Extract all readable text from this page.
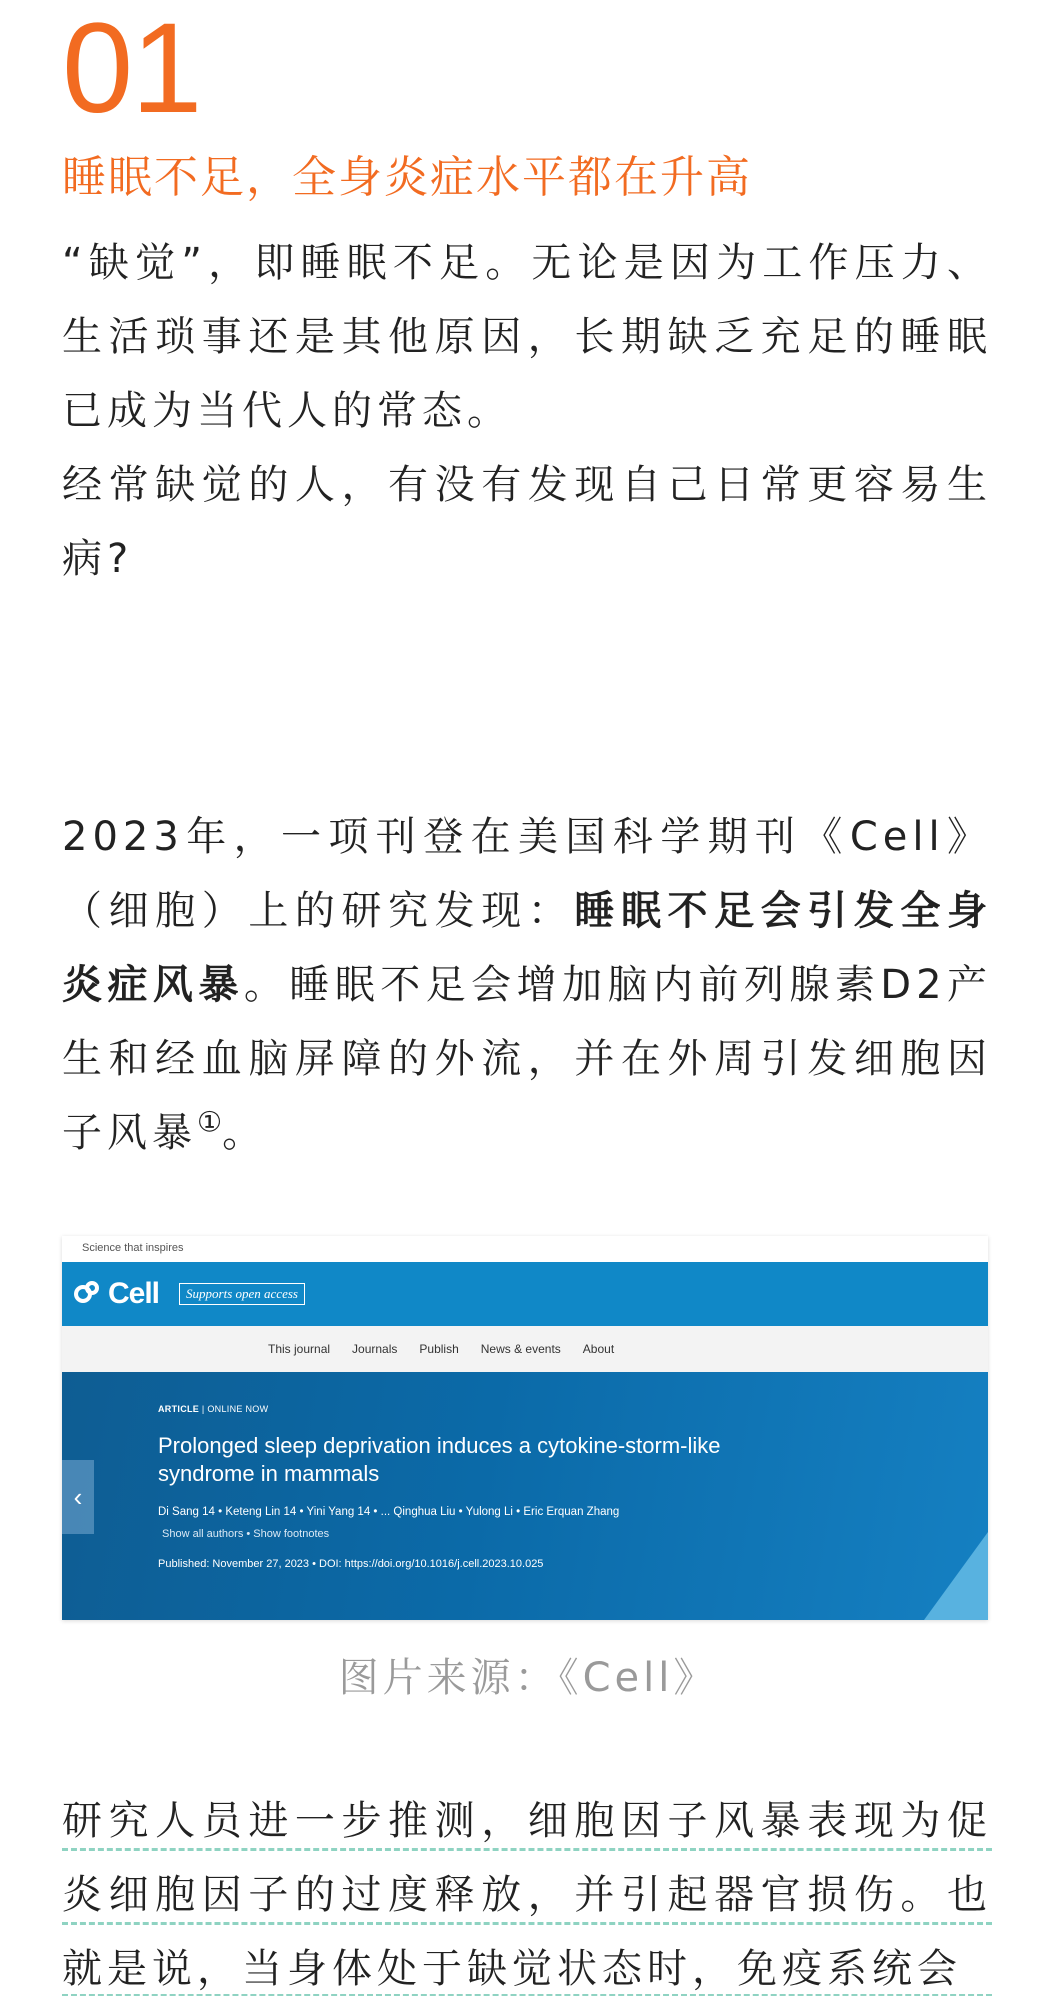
01
睡眠不足，全身炎症水平都在升高

“缺觉”，即睡眠不足。无论是因为工作压力、生活琐事还是其他原因，长期缺乏充足的睡眠已成为当代人的常态。

经常缺觉的人，有没有发现自己日常更容易生病?

2023年，一项刊登在美国科学期刊《Cell》（细胞）上的研究发现：睡眠不足会引发全身炎症风暴。睡眠不足会增加脑内前列腺素D2产生和经血脑屏障的外流，并在外周引发细胞因子风暴①。

Science that inspires
Cell	Supports open access
This journal Journals Publish News & events About
‹
ARTICLE | ONLINE NOW
Prolonged sleep deprivation induces a cytokine-storm-like syndrome in mammals
Di Sang 14 • Keteng Lin 14 • Yini Yang 14 • ... Qinghua Liu • Yulong Li • Eric Erquan Zhang
Show all authors • Show footnotes
Published: November 27, 2023 • DOI: https://doi.org/10.1016/j.cell.2023.10.025
图片来源：《Cell》

研究人员进一步推测，细胞因子风暴表现为促炎细胞因子的过度释放，并引起器官损伤。也就是说，当身体处于缺觉状态时，免疫系统会
